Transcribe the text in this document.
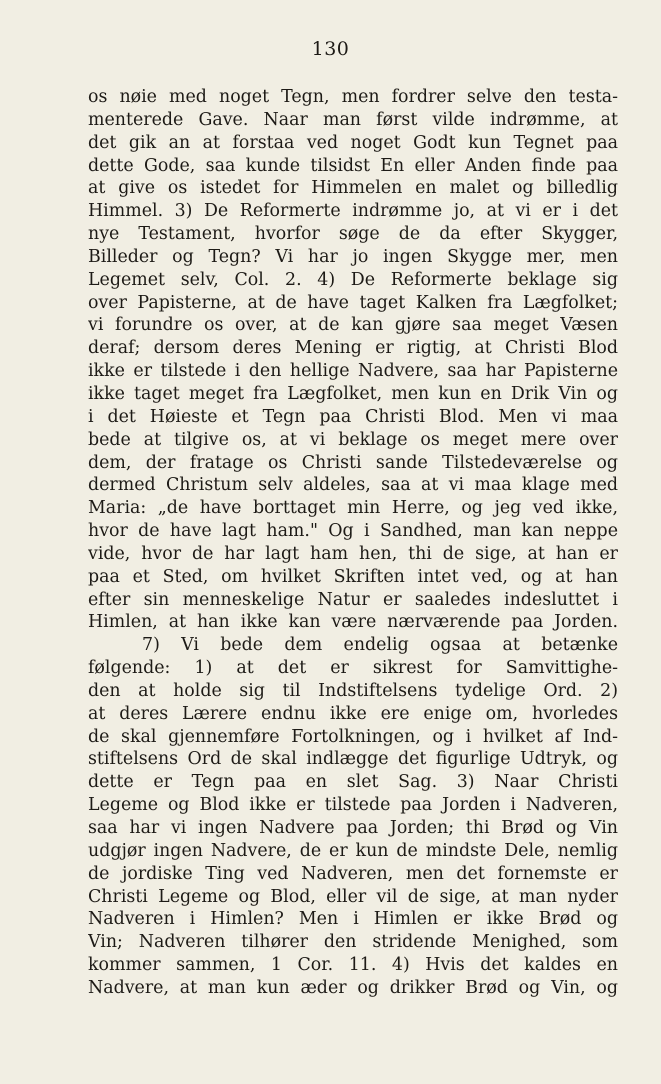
130
os nøie med noget Tegn, men fordrer selve den testa-
menterede Gave. Naar man først vilde indrømme, at
det gik an at forstaa ved noget Godt kun Tegnet paa
dette Gode, saa kunde tilsidst En eller Anden finde paa
at give os istedet for Himmelen en malet og billedlig
Himmel. 3) De Reformerte indrømme jo, at vi er i det
nye Testament, hvorfor søge de da efter Skygger,
Billeder og Tegn? Vi har jo ingen Skygge mer, men
Legemet selv, Col. 2. 4) De Reformerte beklage sig
over Papisterne, at de have taget Kalken fra Lægfolket;
vi forundre os over, at de kan gjøre saa meget Væsen
deraf; dersom deres Mening er rigtig, at Christi Blod
ikke er tilstede i den hellige Nadvere, saa har Papisterne
ikke taget meget fra Lægfolket, men kun en Drik Vin og
i det Høieste et Tegn paa Christi Blod. Men vi maa
bede at tilgive os, at vi beklage os meget mere over
dem, der fratage os Christi sande Tilstedeværelse og
dermed Christum selv aldeles, saa at vi maa klage med
Maria: „de have borttaget min Herre, og jeg ved ikke,
hvor de have lagt ham." Og i Sandhed, man kan neppe
vide, hvor de har lagt ham hen, thi de sige, at han er
paa et Sted, om hvilket Skriften intet ved, og at han
efter sin menneskelige Natur er saaledes indesluttet i
Himlen, at han ikke kan være nærværende paa Jorden.
7) Vi bede dem endelig ogsaa at betænke
følgende: 1) at det er sikrest for Samvittighe-
den at holde sig til Indstiftelsens tydelige Ord. 2)
at deres Lærere endnu ikke ere enige om, hvorledes
de skal gjennemføre Fortolkningen, og i hvilket af Ind-
stiftelsens Ord de skal indlægge det figurlige Udtryk, og
dette er Tegn paa en slet Sag. 3) Naar Christi
Legeme og Blod ikke er tilstede paa Jorden i Nadveren,
saa har vi ingen Nadvere paa Jorden; thi Brød og Vin
udgjør ingen Nadvere, de er kun de mindste Dele, nemlig
de jordiske Ting ved Nadveren, men det fornemste er
Christi Legeme og Blod, eller vil de sige, at man nyder
Nadveren i Himlen? Men i Himlen er ikke Brød og
Vin; Nadveren tilhører den stridende Menighed, som
kommer sammen, 1 Cor. 11. 4) Hvis det kaldes en
Nadvere, at man kun æder og drikker Brød og Vin, og
